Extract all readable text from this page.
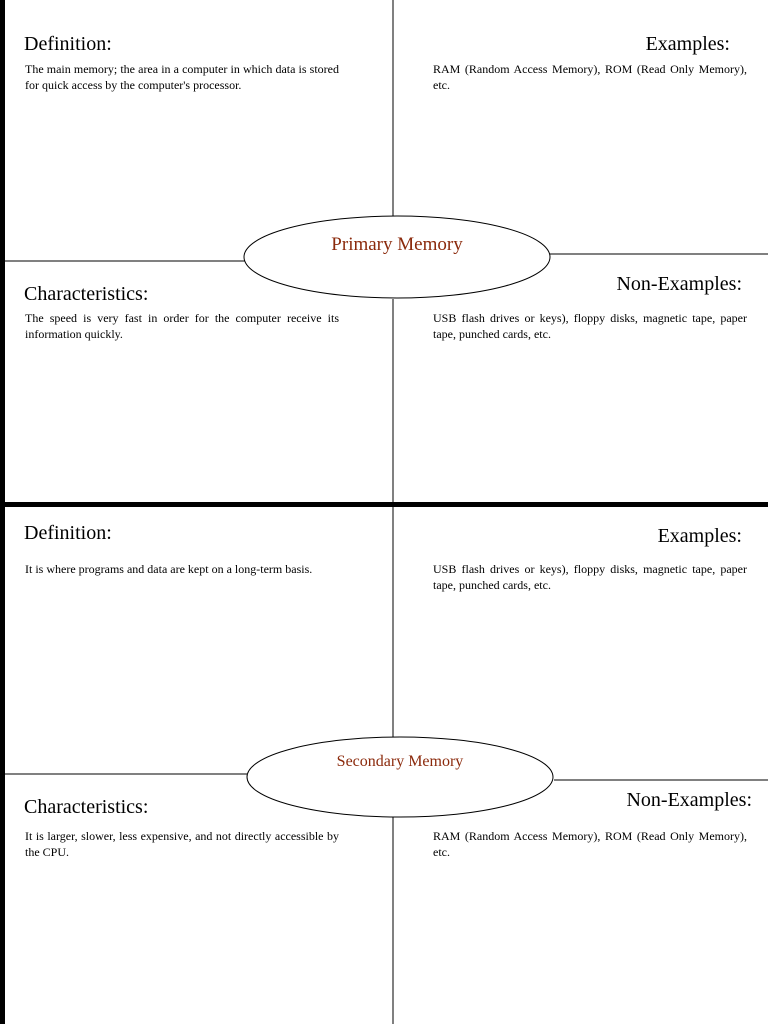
Primary Memory
Definition:

The main memory; the area in a computer in which data is stored for quick access by the computer's processor.

Examples:

RAM (Random Access Memory), ROM (Read Only Memory), etc.

Characteristics:

The speed is very fast in order for the computer receive its information quickly.

Non-Examples:

USB flash drives or keys), floppy disks, magnetic tape, paper tape, punched cards, etc.

Secondary Memory
Definition:

It is where programs and data are kept on a long-term basis.

Examples:

USB flash drives or keys), floppy disks, magnetic tape, paper tape, punched cards, etc.

Characteristics:

It is larger, slower, less expensive, and not directly accessible by the CPU.

Non-Examples:

RAM (Random Access Memory), ROM (Read Only Memory), etc.
